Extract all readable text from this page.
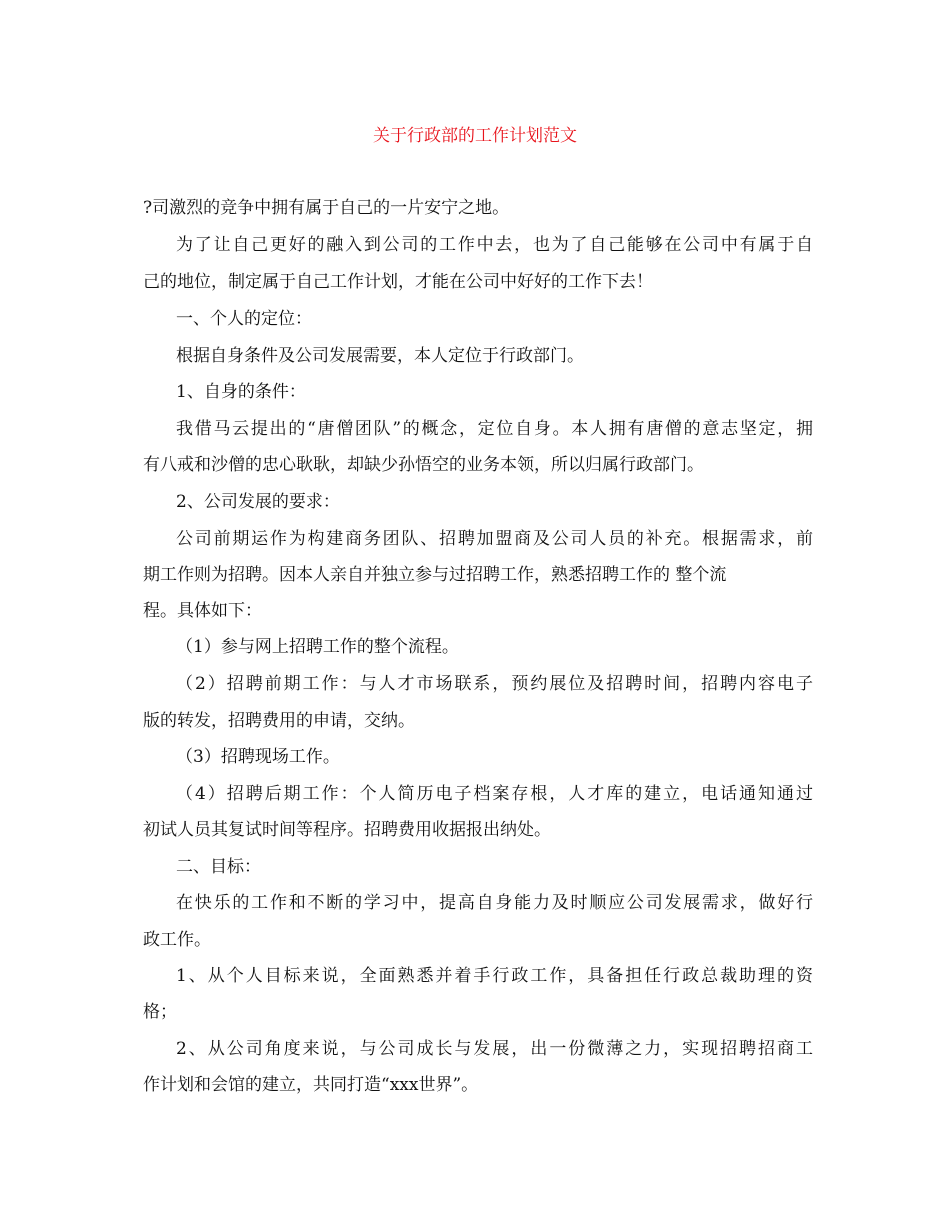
关于行政部的工作计划范文
?司激烈的竞争中拥有属于自己的一片安宁之地。
为了让自己更好的融入到公司的工作中去，也为了自己能够在公司中有属于自
己的地位，制定属于自己工作计划，才能在公司中好好的工作下去！
一、个人的定位：
根据自身条件及公司发展需要，本人定位于行政部门。
1、自身的条件：
我借马云提出的“唐僧团队”的概念，定位自身。本人拥有唐僧的意志坚定，拥
有八戒和沙僧的忠心耿耿，却缺少孙悟空的业务本领，所以归属行政部门。
2、公司发展的要求：
公司前期运作为构建商务团队、招聘加盟商及公司人员的补充。根据需求，前
期工作则为招聘。因本人亲自并独立参与过招聘工作，熟悉招聘工作的 整个流
程。具体如下：
（1）参与网上招聘工作的整个流程。
（2）招聘前期工作：与人才市场联系，预约展位及招聘时间，招聘内容电子
版的转发，招聘费用的申请，交纳。
（3）招聘现场工作。
（4）招聘后期工作：个人简历电子档案存根，人才库的建立，电话通知通过
初试人员其复试时间等程序。招聘费用收据报出纳处。
二、目标：
在快乐的工作和不断的学习中，提高自身能力及时顺应公司发展需求，做好行
政工作。
1、从个人目标来说，全面熟悉并着手行政工作，具备担任行政总裁助理的资
格；
2、从公司角度来说，与公司成长与发展，出一份微薄之力，实现招聘招商工
作计划和会馆的建立，共同打造“xxx世界”。
